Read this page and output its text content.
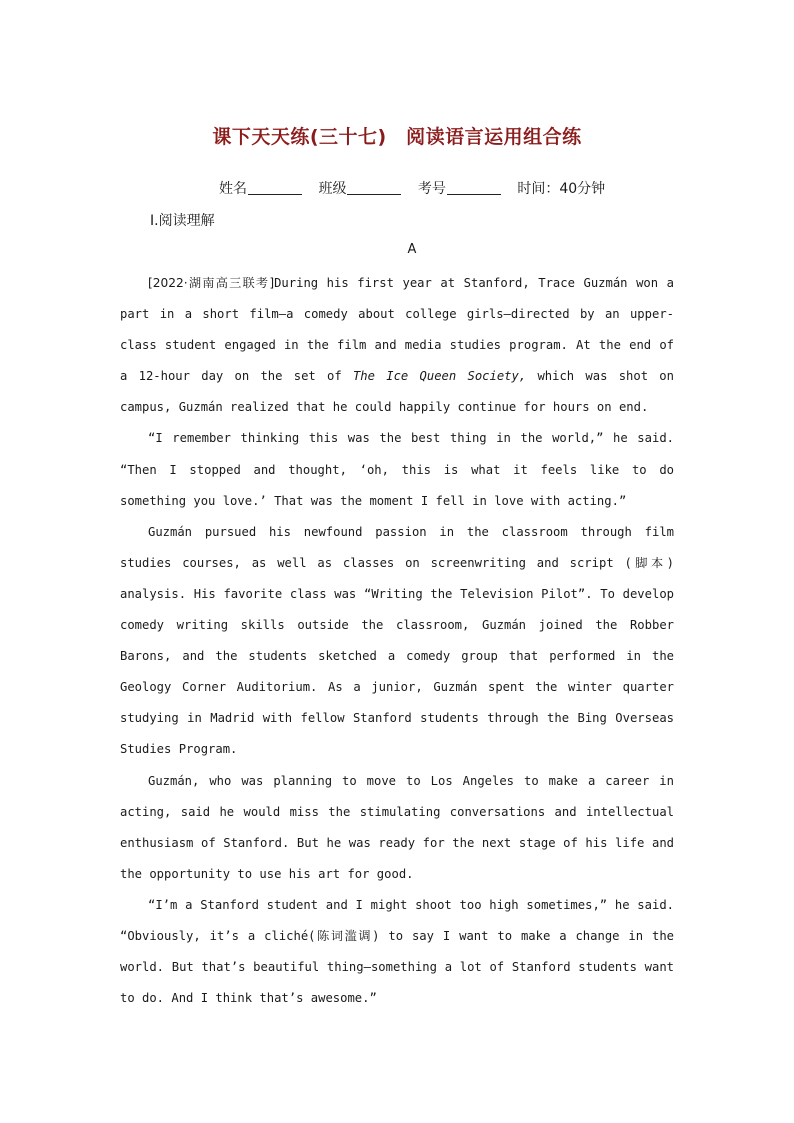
课下天天练(三十七)　阅读语言运用组合练
姓名	班级	考号	时间：40分钟
Ⅰ.阅读理解
A

[2022·湖南高三联考]During his first year at Stanford, Trace Guzmán won a part in a short film—a comedy about college girls—directed by an upper-class student engaged in the film and media studies program. At the end of a 12-hour day on the set of The Ice Queen Society, which was shot on campus, Guzmán realized that he could happily continue for hours on end.

“I remember thinking this was the best thing in the world,” he said. “Then I stopped and thought, ‘oh, this is what it feels like to do something you love.’ That was the moment I fell in love with acting.”

Guzmán pursued his newfound passion in the classroom through film studies courses, as well as classes on screenwriting and script (脚本) analysis. His favorite class was “Writing the Television Pilot”. To develop comedy writing skills outside the classroom, Guzmán joined the Robber Barons, and the students sketched a comedy group that performed in the Geology Corner Auditorium. As a junior, Guzmán spent the winter quarter studying in Madrid with fellow Stanford students through the Bing Overseas Studies Program.

Guzmán, who was planning to move to Los Angeles to make a career in acting, said he would miss the stimulating conversations and intellectual enthusiasm of Stanford. But he was ready for the next stage of his life and the opportunity to use his art for good.

“I’m a Stanford student and I might shoot too high sometimes,” he said. “Obviously, it’s a cliché(陈词滥调) to say I want to make a change in the world. But that’s beautiful thing—something a lot of Stanford students want to do. And I think that’s awesome.”
